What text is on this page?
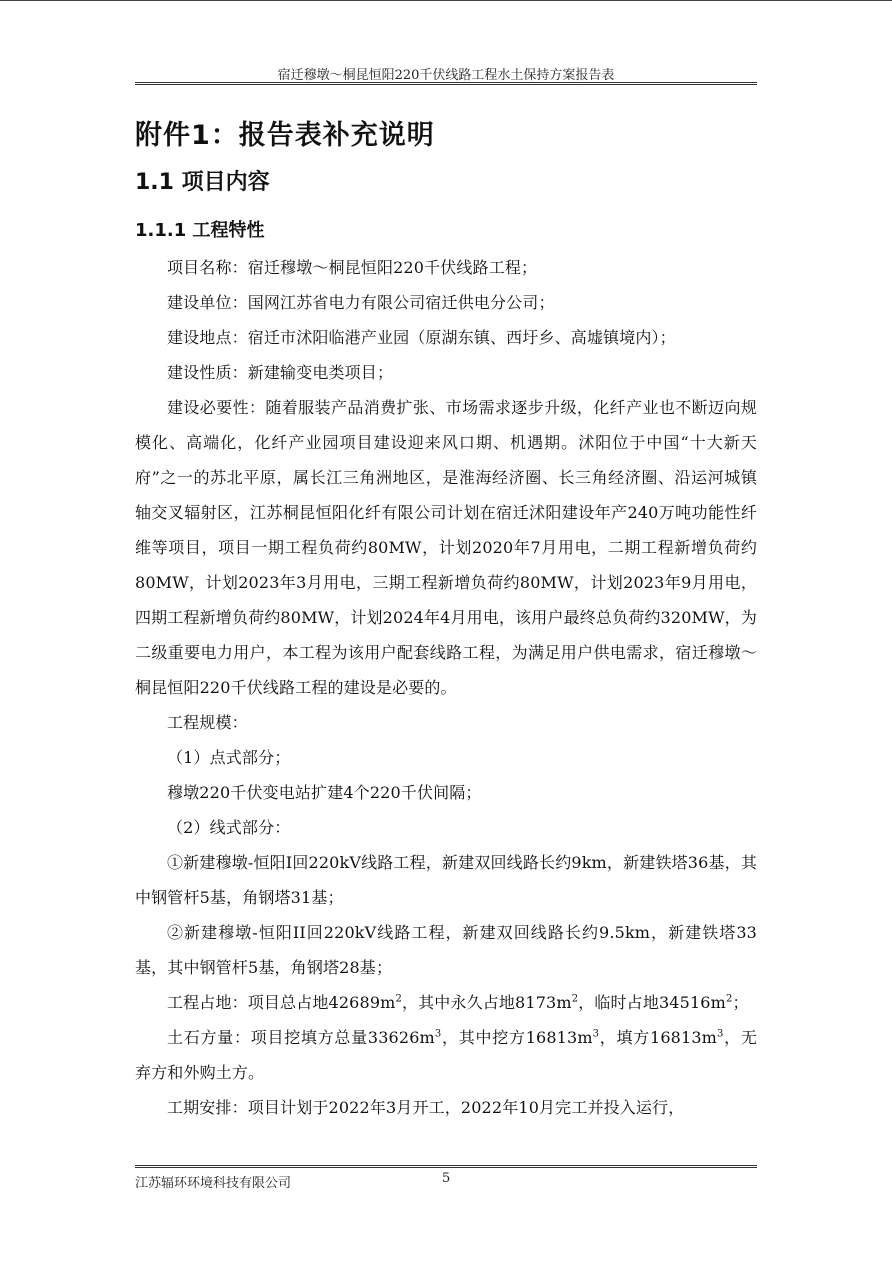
宿迁穆墩～桐昆恒阳220千伏线路工程水土保持方案报告表
附件1：报告表补充说明
1.1 项目内容
1.1.1 工程特性

项目名称：宿迁穆墩～桐昆恒阳220千伏线路工程；

建设单位：国网江苏省电力有限公司宿迁供电分公司；

建设地点：宿迁市沭阳临港产业园（原湖东镇、西圩乡、高墟镇境内）；

建设性质：新建输变电类项目；

建设必要性：随着服装产品消费扩张、市场需求逐步升级，化纤产业也不断迈向规模化、高端化，化纤产业园项目建设迎来风口期、机遇期。沭阳位于中国“十大新天府”之一的苏北平原，属长江三角洲地区，是淮海经济圈、长三角经济圈、沿运河城镇轴交叉辐射区，江苏桐昆恒阳化纤有限公司计划在宿迁沭阳建设年产240万吨功能性纤维等项目，项目一期工程负荷约80MW，计划2020年7月用电，二期工程新增负荷约80MW，计划2023年3月用电，三期工程新增负荷约80MW，计划2023年9月用电，四期工程新增负荷约80MW，计划2024年4月用电，该用户最终总负荷约320MW，为二级重要电力用户，本工程为该用户配套线路工程，为满足用户供电需求，宿迁穆墩～桐昆恒阳220千伏线路工程的建设是必要的。

工程规模：

（1）点式部分；

穆墩220千伏变电站扩建4个220千伏间隔；

（2）线式部分：

①新建穆墩-恒阳I回220kV线路工程，新建双回线路长约9km，新建铁塔36基，其中钢管杆5基，角钢塔31基；

②新建穆墩-恒阳II回220kV线路工程，新建双回线路长约9.5km，新建铁塔33基，其中钢管杆5基，角钢塔28基；

工程占地：项目总占地$42689m^2$，其中永久占地$8173m^2$，临时占地$34516m^2$；

土石方量：项目挖填方总量$33626m^3$，其中挖方$16813m^3$，填方$16813m^3$，无弃方和外购土方。

工期安排：项目计划于2022年3月开工，2022年10月完工并投入运行，

江苏辐环环境科技有限公司	5
